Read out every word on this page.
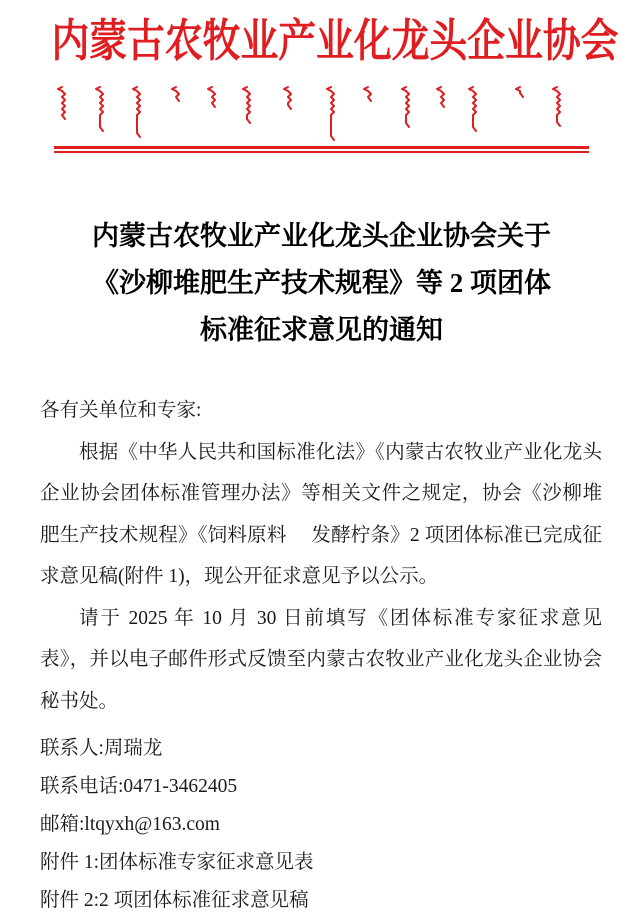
内蒙古农牧业产业化龙头企业协会
内蒙古农牧业产业化龙头企业协会关于
《沙柳堆肥生产技术规程》等 2 项团体
标准征求意见的通知

各有关单位和专家:

根据《中华人民共和国标准化法》《内蒙古农牧业产业化龙头企业协会团体标准管理办法》等相关文件之规定，协会《沙柳堆肥生产技术规程》《饲料原料　 发酵柠条》2 项团体标准已完成征求意见稿(附件 1)，现公开征求意见予以公示。

请于 2025 年 10 月 30 日前填写《团体标准专家征求意见表》，并以电子邮件形式反馈至内蒙古农牧业产业化龙头企业协会秘书处。

联系人:周瑞龙
联系电话:0471-3462405
邮箱:ltqyxh@163.com
附件 1:团体标准专家征求意见表
附件 2:2 项团体标准征求意见稿
